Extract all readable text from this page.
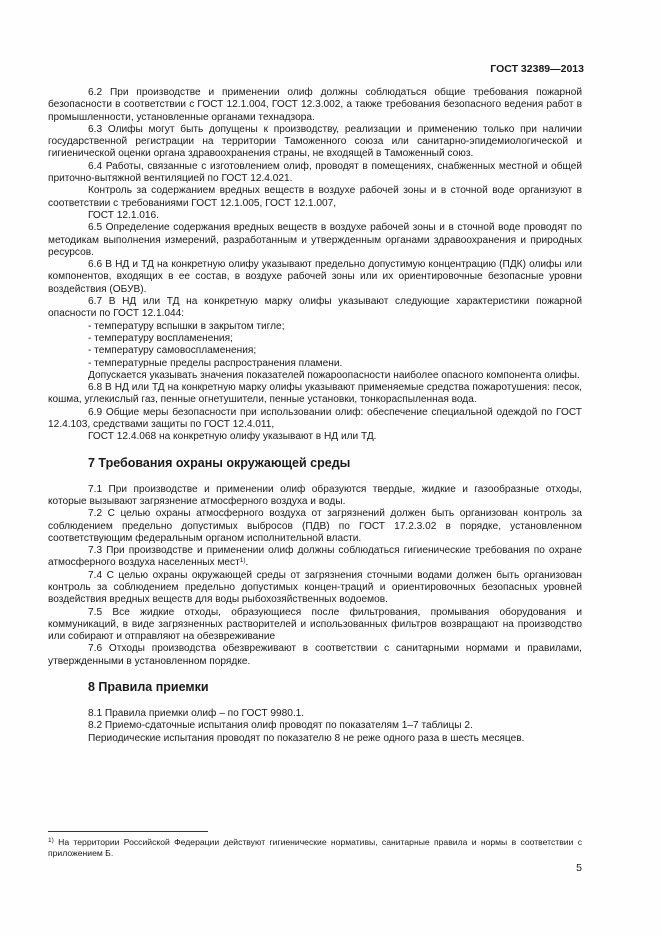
ГОСТ 32389—2013

6.2 При производстве и применении олиф должны соблюдаться общие требования пожарной безопасности в соответствии с ГОСТ 12.1.004, ГОСТ 12.3.002, а также требования безопасного ведения работ в промышленности, установленные органами технадзора.

6.3 Олифы могут быть допущены к производству, реализации и применению только при наличии государственной регистрации на территории Таможенного союза или санитарно-эпидемиологической и гигиенической оценки органа здравоохранения страны, не входящей в Таможенный союз.

6.4 Работы, связанные с изготовлением олиф, проводят в помещениях, снабженных местной и общей приточно-вытяжной вентиляцией по ГОСТ 12.4.021.

Контроль за содержанием вредных веществ в воздухе рабочей зоны и в сточной воде организуют в соответствии с требованиями ГОСТ 12.1.005, ГОСТ 12.1.007,

ГОСТ 12.1.016.

6.5 Определение содержания вредных веществ в воздухе рабочей зоны и в сточной воде проводят по методикам выполнения измерений, разработанным и утвержденным органами здравоохранения и природных ресурсов.

6.6 В НД и ТД на конкретную олифу указывают предельно допустимую концентрацию (ПДК) олифы или компонентов, входящих в ее состав, в воздухе рабочей зоны или их ориентировочные безопасные уровни воздействия (ОБУВ).

6.7 В НД или ТД на конкретную марку олифы указывают следующие характеристики пожарной опасности по ГОСТ 12.1.044:

- температуру вспышки в закрытом тигле;

- температуру воспламенения;

- температуру самовоспламенения;

- температурные пределы распространения пламени.

Допускается указывать значения показателей пожароопасности наиболее опасного компонента олифы.

6.8 В НД или ТД на конкретную марку олифы указывают применяемые средства пожаротушения: песок, кошма, углекислый газ, пенные огнетушители, пенные установки, тонкораспыленная вода.

6.9 Общие меры безопасности при использовании олиф: обеспечение специальной одеждой по ГОСТ 12.4.103, средствами защиты по ГОСТ 12.4.011,

ГОСТ 12.4.068 на конкретную олифу указывают в НД или ТД.

7 Требования охраны окружающей среды

7.1 При производстве и применении олиф образуются твердые, жидкие и газообразные отходы, которые вызывают загрязнение атмосферного воздуха и воды.

7.2 С целью охраны атмосферного воздуха от загрязнений должен быть организован контроль за соблюдением предельно допустимых выбросов (ПДВ) по ГОСТ 17.2.3.02 в порядке, установленном соответствующим федеральным органом исполнительной власти.

7.3 При производстве и применении олиф должны соблюдаться гигиенические требования по охране атмосферного воздуха населенных мест$^{1)}$.

7.4 С целью охраны окружающей среды от загрязнения сточными водами должен быть организован контроль за соблюдением предельно допустимых концен-траций и ориентировочных безопасных уровней воздействия вредных веществ для воды рыбохозяйственных водоемов.

7.5 Все жидкие отходы, образующиеся после фильтрования, промывания оборудования и коммуникаций, в виде загрязненных растворителей и использованных фильтров возвращают на производство или собирают и отправляют на обезвреживание

7.6 Отходы производства обезвреживают в соответствии с санитарными нормами и правилами, утвержденными в установленном порядке.

8 Правила приемки

8.1 Правила приемки олиф – по ГОСТ 9980.1.

8.2 Приемо-сдаточные испытания олиф проводят по показателям 1–7 таблицы 2.

Периодические испытания проводят по показателю 8 не реже одного раза в шесть месяцев.

$^{1)}$ На территории Российской Федерации действуют гигиенические нормативы, санитарные правила и нормы в соответствии с приложением Б.
5
